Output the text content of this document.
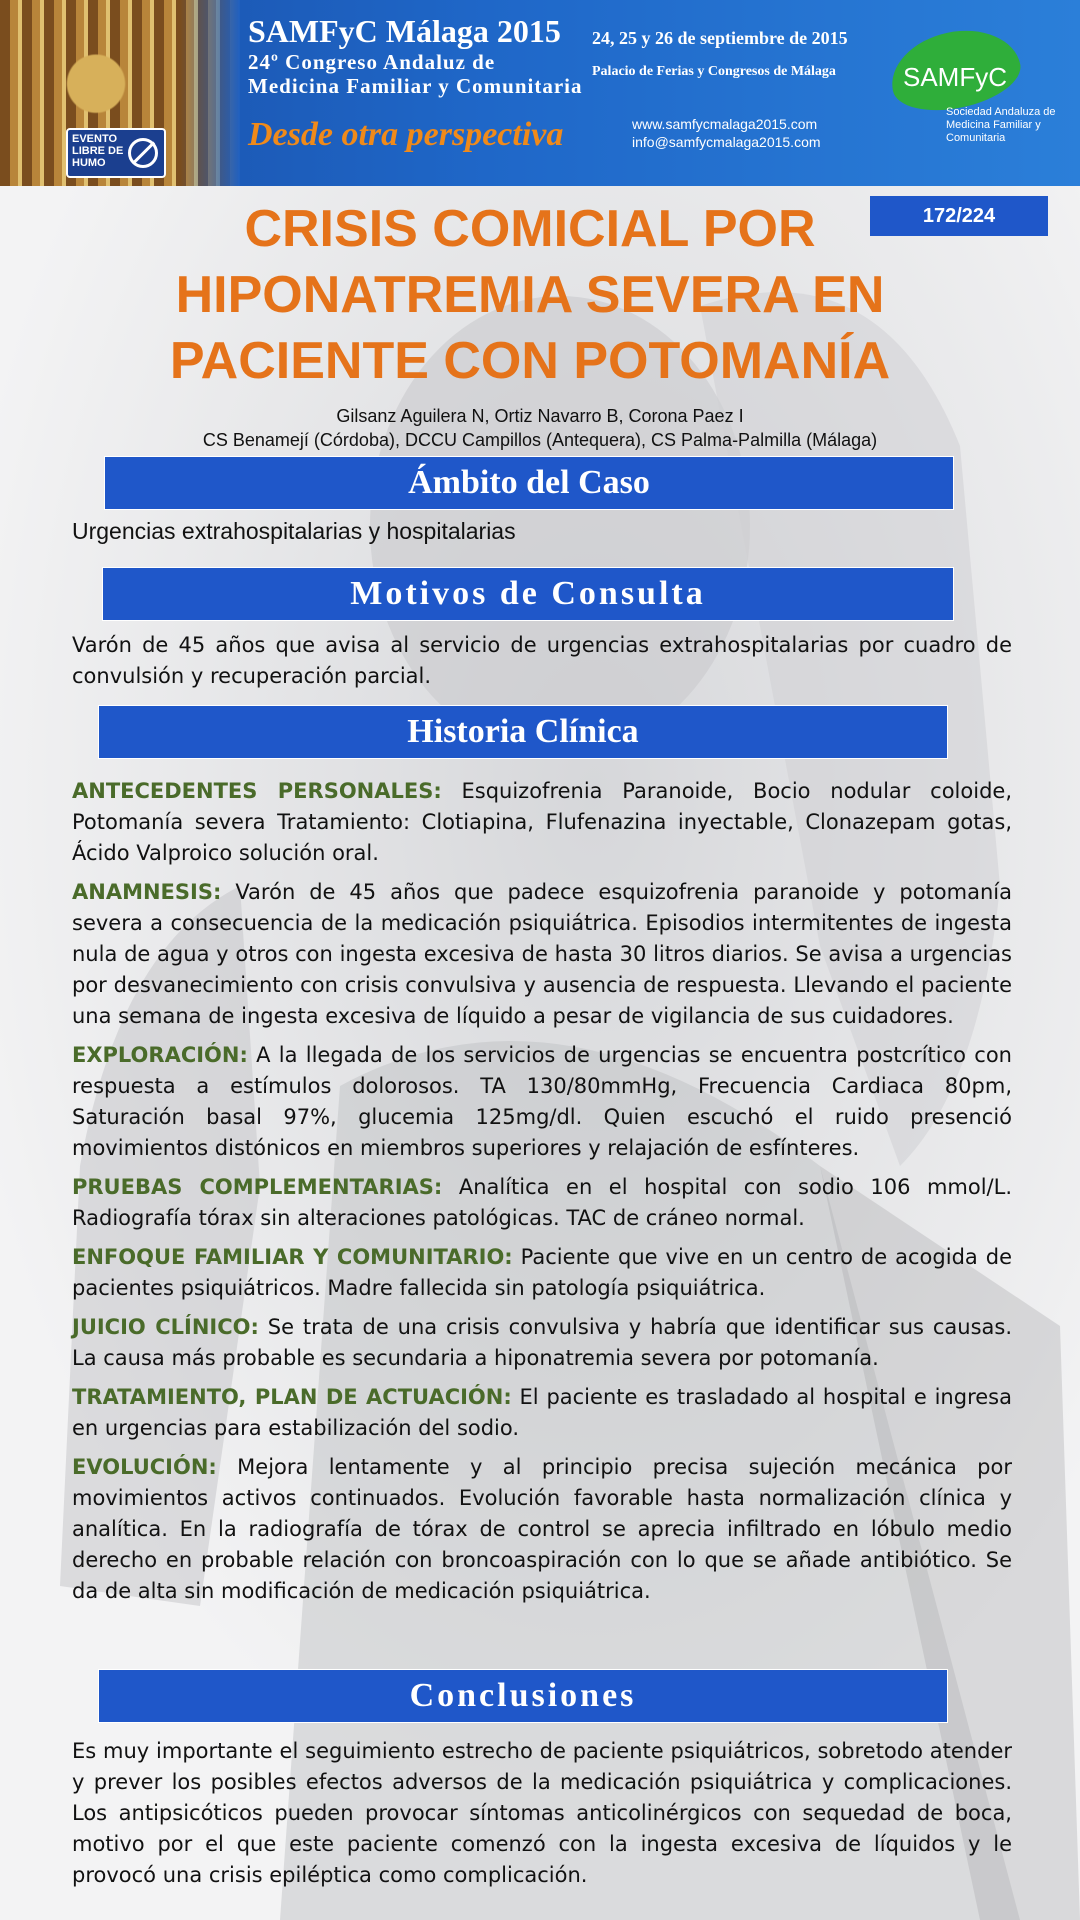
EVENTO LIBRE DE HUMO
SAMFyC Málaga 2015
24º Congreso Andaluz de
Medicina Familiar y Comunitaria
Desde otra perspectiva
24, 25 y 26 de septiembre de 2015
Palacio de Ferias y Congresos de Málaga
www.samfycmalaga2015.com
info@samfycmalaga2015.com
SAMFyC
Sociedad Andaluza de Medicina Familiar y Comunitaria
172/224
CRISIS COMICIAL POR
HIPONATREMIA SEVERA EN
PACIENTE CON POTOMANÍA
Gilsanz Aguilera N, Ortiz Navarro B, Corona Paez I
CS Benamejí (Córdoba), DCCU Campillos (Antequera), CS Palma-Palmilla (Málaga)
Ámbito del Caso
Urgencias extrahospitalarias y hospitalarias
Motivos de Consulta
Varón de 45 años que avisa al servicio de urgencias extrahospitalarias por cuadro de convulsión y recuperación parcial.
Historia Clínica

ANTECEDENTES PERSONALES: Esquizofrenia Paranoide, Bocio nodular coloide, Potomanía severa Tratamiento: Clotiapina, Flufenazina inyectable, Clonazepam gotas, Ácido Valproico solución oral.

ANAMNESIS: Varón de 45 años que padece esquizofrenia paranoide y potomanía severa a consecuencia de la medicación psiquiátrica. Episodios intermitentes de ingesta nula de agua y otros con ingesta excesiva de hasta 30 litros diarios. Se avisa a urgencias por desvanecimiento con crisis convulsiva y ausencia de respuesta. Llevando el paciente una semana de ingesta excesiva de líquido a pesar de vigilancia de sus cuidadores.

EXPLORACIÓN: A la llegada de los servicios de urgencias se encuentra postcrítico con respuesta a estímulos dolorosos. TA 130/80mmHg, Frecuencia Cardiaca 80pm, Saturación basal 97%, glucemia 125mg/dl. Quien escuchó el ruido presenció movimientos distónicos en miembros superiores y relajación de esfínteres.

PRUEBAS COMPLEMENTARIAS: Analítica en el hospital con sodio 106 mmol/L. Radiografía tórax sin alteraciones patológicas. TAC de cráneo normal.

ENFOQUE FAMILIAR Y COMUNITARIO: Paciente que vive en un centro de acogida de pacientes psiquiátricos. Madre fallecida sin patología psiquiátrica.

JUICIO CLÍNICO: Se trata de una crisis convulsiva y habría que identificar sus causas. La causa más probable es secundaria a hiponatremia severa por potomanía.

TRATAMIENTO, PLAN DE ACTUACIÓN: El paciente es trasladado al hospital e ingresa en urgencias para estabilización del sodio.

EVOLUCIÓN: Mejora lentamente y al principio precisa sujeción mecánica por movimientos activos continuados. Evolución favorable hasta normalización clínica y analítica. En la radiografía de tórax de control se aprecia infiltrado en lóbulo medio derecho en probable relación con broncoaspiración con lo que se añade antibiótico. Se da de alta sin modificación de medicación psiquiátrica.

Conclusiones
Es muy importante el seguimiento estrecho de paciente psiquiátricos, sobretodo atender y prever los posibles efectos adversos de la medicación psiquiátrica y complicaciones. Los antipsicóticos pueden provocar síntomas anticolinérgicos con sequedad de boca, motivo por el que este paciente comenzó con la ingesta excesiva de líquidos y le provocó una crisis epiléptica como complicación.
